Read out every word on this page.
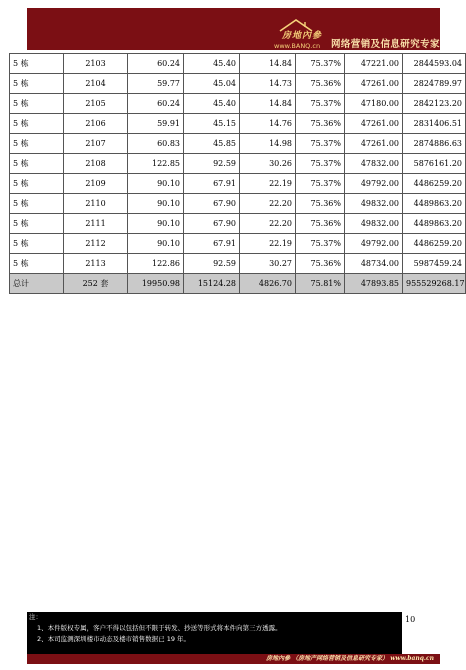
房地內參
www.BANQ.cn 网络营销及信息研究专家
5 栋	2103	60.24	45.40	14.84	75.37%	47221.00	2844593.04
5 栋	2104	59.77	45.04	14.73	75.36%	47261.00	2824789.97
5 栋	2105	60.24	45.40	14.84	75.37%	47180.00	2842123.20
5 栋	2106	59.91	45.15	14.76	75.36%	47261.00	2831406.51
5 栋	2107	60.83	45.85	14.98	75.37%	47261.00	2874886.63
5 栋	2108	122.85	92.59	30.26	75.37%	47832.00	5876161.20
5 栋	2109	90.10	67.91	22.19	75.37%	49792.00	4486259.20
5 栋	2110	90.10	67.90	22.20	75.36%	49832.00	4489863.20
5 栋	2111	90.10	67.90	22.20	75.36%	49832.00	4489863.20
5 栋	2112	90.10	67.91	22.19	75.37%	49792.00	4486259.20
5 栋	2113	122.86	92.59	30.27	75.36%	48734.00	5987459.24
总计	252 套	19950.98	15124.28	4826.70	75.81%	47893.85	955529268.17
注：
1、本件版权专属，客户不得以包括但不限于转发、抄送等形式将本件向第三方透露。
2、本司监测深圳楼市动态及楼市销售数据已 19 年。
10
房地內參 （房地产网络营销及信息研究专家） www.banq.cn
